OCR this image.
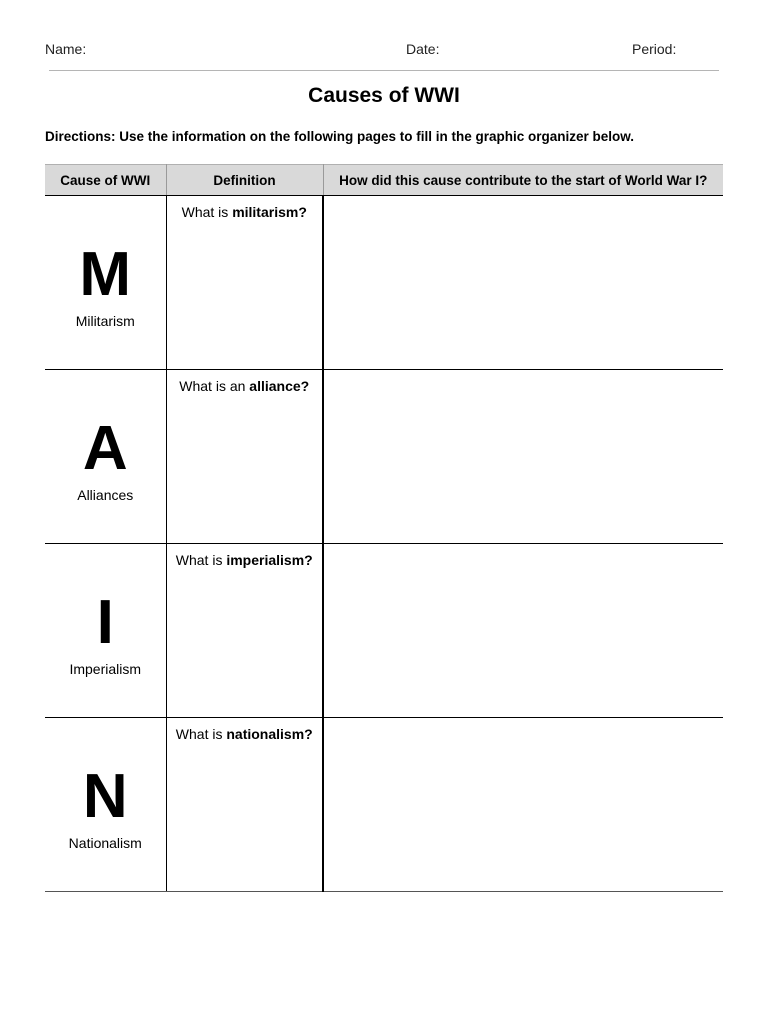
Name:	Date:	Period:
Causes of WWI
Directions: Use the information on the following pages to fill in the graphic organizer below.
Cause of WWI	Definition	How did this cause contribute to the start of World War I?

M
Militarism	What is militarism?	

A
Alliances	What is an alliance?	

I
Imperialism	What is imperialism?	

N
Nationalism	What is nationalism?	
